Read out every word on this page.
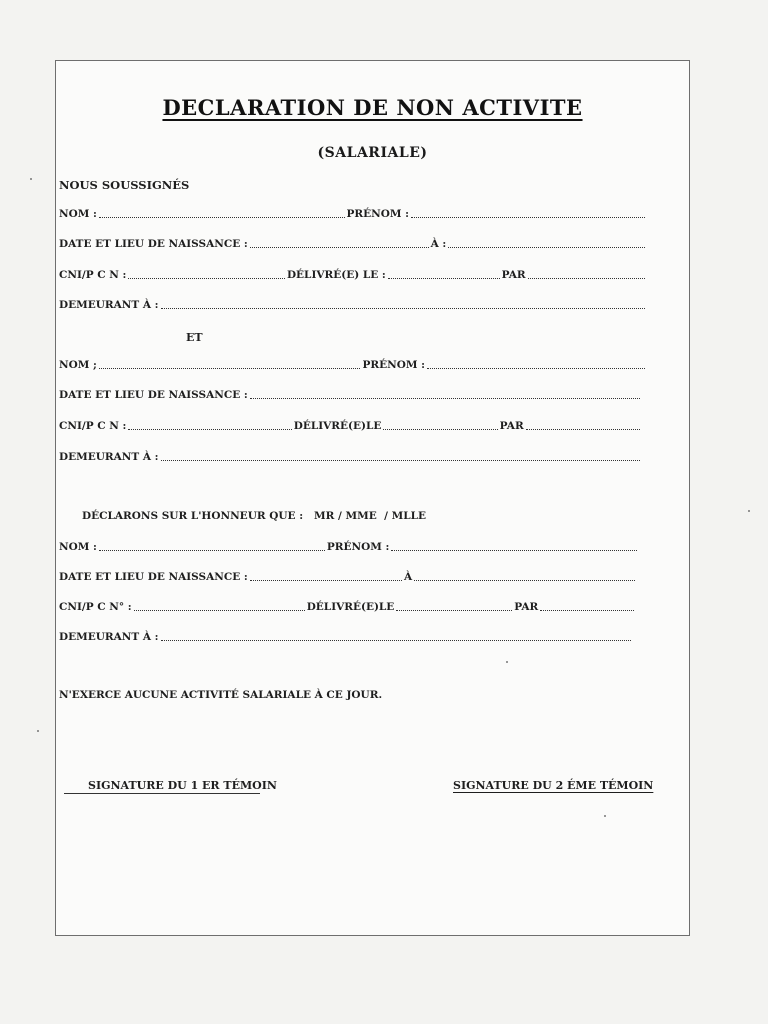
DECLARATION DE NON ACTIVITE
(SALARIALE)
NOUS SOUSSIGNÉS
NOM :	PRÉNOM :
DATE ET LIEU DE NAISSANCE :	À :
CNI/P C N :	DÉLIVRÉ(E) LE :	PAR
DEMEURANT À :
ET
NOM ;	PRÉNOM :
DATE ET LIEU DE NAISSANCE :
CNI/P C N :	DÉLIVRÉ(E)LE	PAR
DEMEURANT À :
DÉCLARONS SUR L'HONNEUR QUE :   MR / MME  / MLLE
NOM :	PRÉNOM :
DATE ET LIEU DE NAISSANCE :	À
CNI/P C N° :	DÉLIVRÉ(E)LE	PAR
DEMEURANT À :
N'EXERCE AUCUNE ACTIVITÉ SALARIALE À CE JOUR.
SIGNATURE DU 1 ER TÉMOIN	SIGNATURE DU 2 ÉME TÉMOIN
